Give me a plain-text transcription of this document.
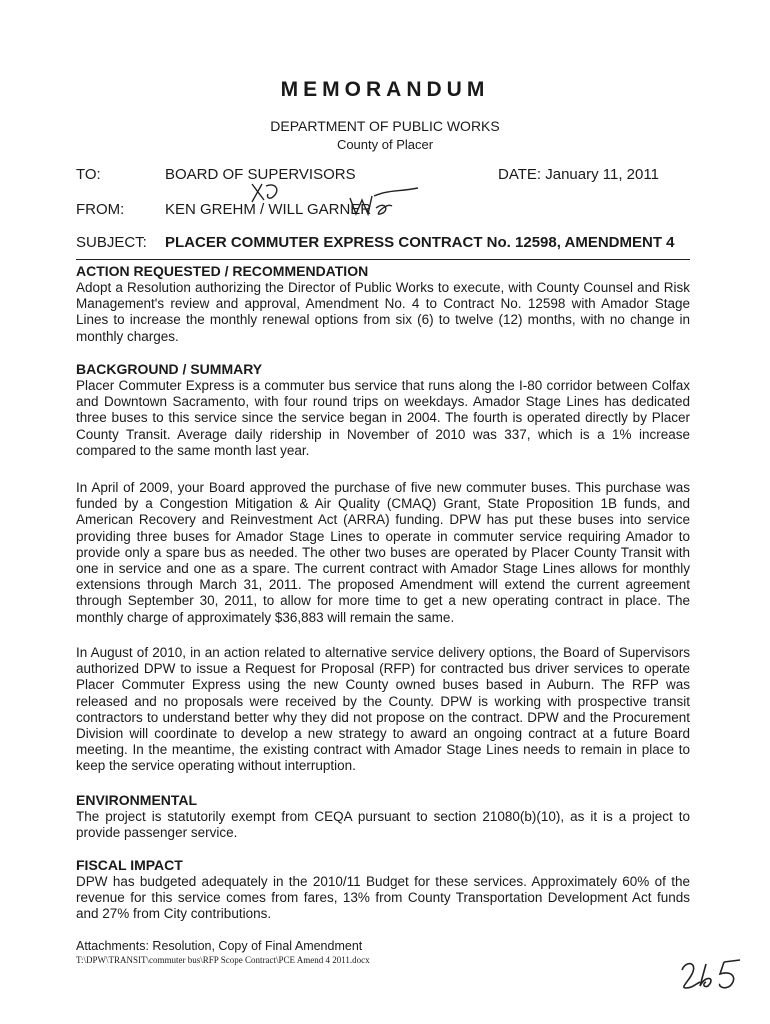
MEMORANDUM
DEPARTMENT OF PUBLIC WORKS
County of Placer
TO:	BOARD OF SUPERVISORS	DATE: January 11, 2011
FROM:	KEN GREHM / WILL GARNER
SUBJECT: PLACER COMMUTER EXPRESS CONTRACT No. 12598, AMENDMENT 4
ACTION REQUESTED / RECOMMENDATION

Adopt a Resolution authorizing the Director of Public Works to execute, with County Counsel and Risk Management's review and approval, Amendment No. 4 to Contract No. 12598 with Amador Stage Lines to increase the monthly renewal options from six (6) to twelve (12) months, with no change in monthly charges.

BACKGROUND / SUMMARY

Placer Commuter Express is a commuter bus service that runs along the I-80 corridor between Colfax and Downtown Sacramento, with four round trips on weekdays. Amador Stage Lines has dedicated three buses to this service since the service began in 2004. The fourth is operated directly by Placer County Transit. Average daily ridership in November of 2010 was 337, which is a 1% increase compared to the same month last year.

In April of 2009, your Board approved the purchase of five new commuter buses. This purchase was funded by a Congestion Mitigation & Air Quality (CMAQ) Grant, State Proposition 1B funds, and American Recovery and Reinvestment Act (ARRA) funding. DPW has put these buses into service providing three buses for Amador Stage Lines to operate in commuter service requiring Amador to provide only a spare bus as needed. The other two buses are operated by Placer County Transit with one in service and one as a spare. The current contract with Amador Stage Lines allows for monthly extensions through March 31, 2011. The proposed Amendment will extend the current agreement through September 30, 2011, to allow for more time to get a new operating contract in place. The monthly charge of approximately $36,883 will remain the same.

In August of 2010, in an action related to alternative service delivery options, the Board of Supervisors authorized DPW to issue a Request for Proposal (RFP) for contracted bus driver services to operate Placer Commuter Express using the new County owned buses based in Auburn. The RFP was released and no proposals were received by the County. DPW is working with prospective transit contractors to understand better why they did not propose on the contract. DPW and the Procurement Division will coordinate to develop a new strategy to award an ongoing contract at a future Board meeting. In the meantime, the existing contract with Amador Stage Lines needs to remain in place to keep the service operating without interruption.

ENVIRONMENTAL

The project is statutorily exempt from CEQA pursuant to section 21080(b)(10), as it is a project to provide passenger service.

FISCAL IMPACT

DPW has budgeted adequately in the 2010/11 Budget for these services. Approximately 60% of the revenue for this service comes from fares, 13% from County Transportation Development Act funds and 27% from City contributions.

Attachments: Resolution, Copy of Final Amendment
T:\DPW\TRANSIT\commuter bus\RFP Scope Contract\PCE Amend 4 2011.docx
